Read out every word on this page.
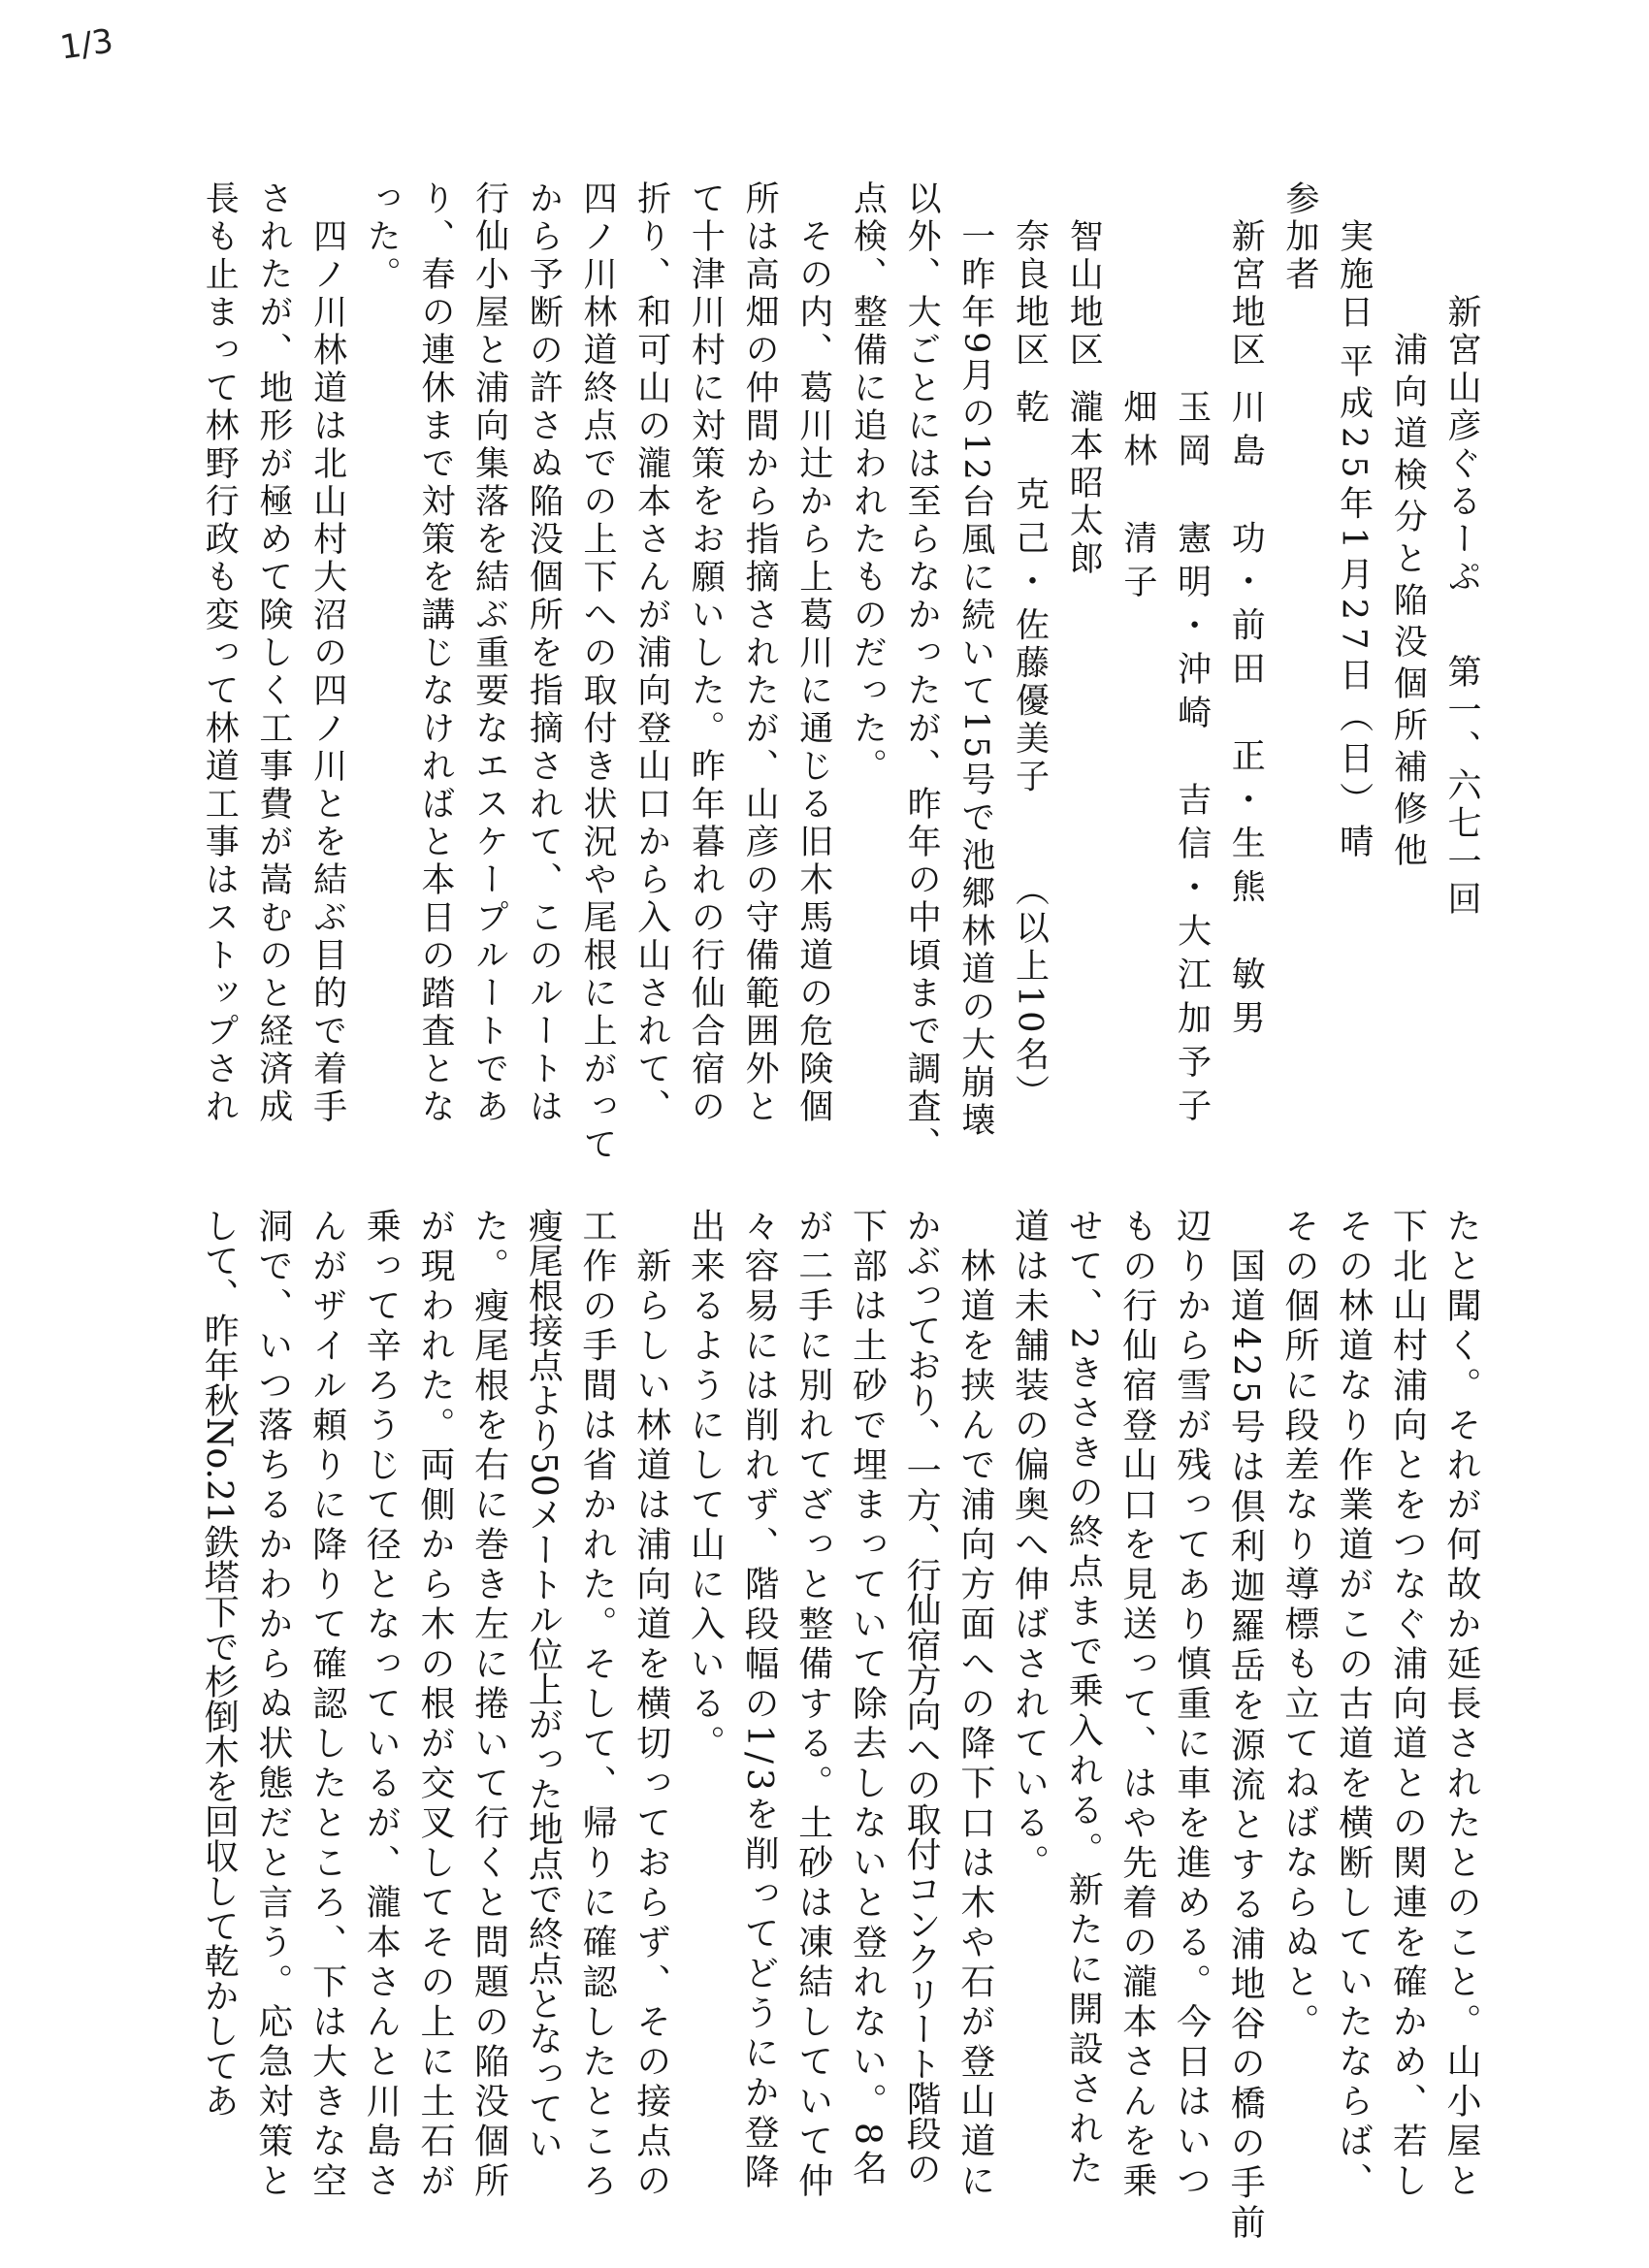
1/3
新宮山彦ぐるーぷ第一、六七一回
浦向道検分と陥没個所補修他
実施日平成25年1月27日（日）晴
参加者
新宮地区川島　功・前田　正・生熊　敏男
玉岡　憲明・沖崎　吉信・大江加予子
畑林　清子
智山地区瀧本昭太郎
奈良地区乾　克己・佐藤優美子（以上10名）
一昨年9月の12台風に続いて15号で池郷林道の大崩壊
以外、大ごとには至らなかったが、昨年の中頃まで調査、
点検、整備に追われたものだった。
その内、葛川辻から上葛川に通じる旧木馬道の危険個
所は高畑の仲間から指摘されたが、山彦の守備範囲外と
て十津川村に対策をお願いした。昨年暮れの行仙合宿の
折り、和可山の瀧本さんが浦向登山口から入山されて、
四ノ川林道終点での上下への取付き状況や尾根に上がって
から予断の許さぬ陥没個所を指摘されて、このルートは
行仙小屋と浦向集落を結ぶ重要なエスケープルートであ
り、春の連休まで対策を講じなければと本日の踏査とな
った。
四ノ川林道は北山村大沼の四ノ川とを結ぶ目的で着手
されたが、地形が極めて険しく工事費が嵩むのと経済成
長も止まって林野行政も変って林道工事はストップされ
たと聞く。それが何故か延長されたとのこと。山小屋と
下北山村浦向とをつなぐ浦向道との関連を確かめ、若し
その林道なり作業道がこの古道を横断していたならば、
その個所に段差なり導標も立てねばならぬと。
国道425号は倶利迦羅岳を源流とする浦地谷の橋の手前
辺りから雪が残ってあり慎重に車を進める。今日はいつ
もの行仙宿登山口を見送って、はや先着の瀧本さんを乗
せて、2きさきの終点まで乗入れる。新たに開設された
道は未舗装の偏奥へ伸ばされている。
林道を挟んで浦向方面への降下口は木や石が登山道に
かぶっており、一方、行仙宿方向への取付コンクリート階段の
下部は土砂で埋まっていて除去しないと登れない。8名
が二手に別れてざっと整備する。土砂は凍結していて仲
々容易には削れず、階段幅の1/3を削ってどうにか登降
出来るようにして山に入いる。
新らしい林道は浦向道を横切っておらず、その接点の
工作の手間は省かれた。そして、帰りに確認したところ
瘦尾根接点より50メートル位上がった地点で終点となってい
た。瘦尾根を右に巻き左に捲いて行くと問題の陥没個所
が現われた。両側から木の根が交叉してその上に土石が
乗って辛ろうじて径となっているが、瀧本さんと川島さ
んがザイル頼りに降りて確認したところ、下は大きな空
洞で、いつ落ちるかわからぬ状態だと言う。応急対策と
して、昨年秋No.21鉄塔下で杉倒木を回収して乾かしてあ
